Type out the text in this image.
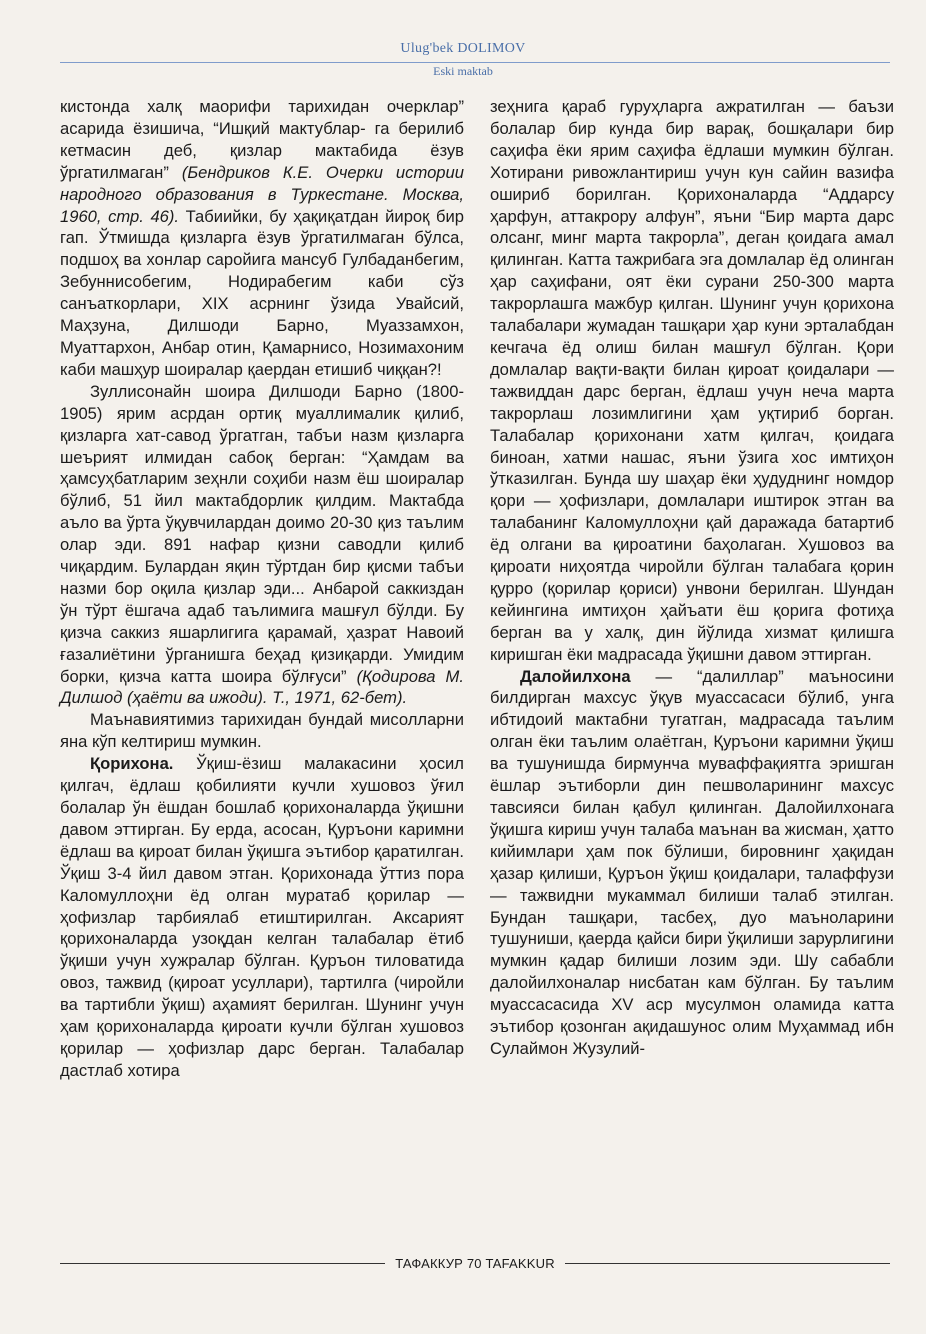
Ulug'bek DOLIMOV
Eski maktab

кистонда халқ маорифи тарихидан очерклар” асарида ёзишича, “Ишқий мактублар- га берилиб кетмасин деб, қизлар мактабида ёзув ўргатилмаган” (Бендриков К.Е. Очерки истории народного образования в Туркестане. Москва, 1960, стр. 46). Табиийки, бу ҳақиқатдан йироқ бир гап. Ўтмишда қизларга ёзув ўргатилмаган бўлса, подшоҳ ва хонлар саройига мансуб Гулбаданбегим, Зебуннисобегим, Нодирабегим каби сўз санъаткорлари, XIX асрнинг ўзида Увайсий, Маҳзуна, Дилшоди Барно, Муаззамхон, Муаттархон, Анбар отин, Қамарнисо, Нозимахоним каби машҳур шоиралар қаердан етишиб чиққан?!

Зуллисонайн шоира Дилшоди Барно (1800-1905) ярим асрдан ортиқ муаллималик қилиб, қизларга хат-савод ўргатган, табъи назм қизларга шеърият илмидан сабоқ берган: “Ҳамдам ва ҳамсуҳбатларим зеҳнли соҳиби назм ёш шоиралар бўлиб, 51 йил мактабдорлик қилдим. Мактабда аъло ва ўрта ўқувчилардан доимо 20-30 қиз таълим олар эди. 891 нафар қизни саводли қилиб чиқардим. Булардан яқин тўртдан бир қисми табъи назми бор оқила қизлар эди... Анбарой саккиздан ўн тўрт ёшгача адаб таълимига машғул бўлди. Бу қизча саккиз яшарлигига қарамай, ҳазрат Навоий ғазалиётини ўрганишга беҳад қизиқарди. Умидим борки, қизча катта шоира бўлғуси” (Қодирова М. Дилшод (ҳаёти ва ижоди). Т., 1971, 62-бет).

Маънавиятимиз тарихидан бундай мисолларни яна кўп келтириш мумкин.

Қорихона. Ўқиш-ёзиш малакасини ҳосил қилгач, ёдлаш қобилияти кучли хушовоз ўғил болалар ўн ёшдан бошлаб қорихоналарда ўқишни давом эттирган. Бу ерда, асосан, Қуръони каримни ёдлаш ва қироат билан ўқишга эътибор қаратилган. Ўқиш 3-4 йил давом этган. Қорихонада ўттиз пора Каломуллоҳни ёд олган муратаб қорилар — ҳофизлар тарбиялаб етиштирилган. Аксарият қорихоналарда узоқдан келган талабалар ётиб ўқиши учун хужралар бўлган. Қуръон тиловатида овоз, тажвид (қироат усуллари), тартилга (чиройли ва тартибли ўқиш) аҳамият берилган. Шунинг учун ҳам қорихоналарда қироати кучли бўлган хушовоз қорилар — ҳофизлар дарс берган. Талабалар дастлаб хотира

зеҳнига қараб гуруҳларга ажратилган — баъзи болалар бир кунда бир варақ, бошқалари бир саҳифа ёки ярим саҳифа ёдлаши мумкин бўлган. Хотирани ривожлантириш учун кун сайин вазифа ошириб борилган. Қорихоналарда “Аддарсу ҳарфун, аттакрору алфун”, яъни “Бир марта дарс олсанг, минг марта такрорла”, деган қоидага амал қилинган. Катта тажрибага эга домлалар ёд олинган ҳар саҳифани, оят ёки сурани 250-300 марта такрорлашга мажбур қилган. Шунинг учун қорихона талабалари жумадан ташқари ҳар куни эрталабдан кечгача ёд олиш билан машғул бўлган. Қори домлалар вақти-вақти билан қироат қоидалари — тажвиддан дарс берган, ёдлаш учун неча марта такрорлаш лозимлигини ҳам уқтириб борган. Талабалар қорихонани хатм қилгач, қоидага биноан, хатми нашас, яъни ўзига хос имтиҳон ўтказилган. Бунда шу шаҳар ёки ҳудуднинг номдор қори — ҳофизлари, домлалари иштирок этган ва талабанинг Каломуллоҳни қай даражада батартиб ёд олгани ва қироатини баҳолаган. Хушовоз ва қироати ниҳоятда чиройли бўлган талабага қорин қурро (қорилар қориси) унвони берилган. Шундан кейингина имтиҳон ҳайъати ёш қорига фотиҳа берган ва у халқ, дин йўлида хизмат қилишга киришган ёки мадрасада ўқишни давом эттирган.

Далойилхона — “далиллар” маъносини билдирган махсус ўқув муассасаси бўлиб, унга ибтидоий мактабни тугатган, мадрасада таълим олган ёки таълим олаётган, Қуръони каримни ўқиш ва тушунишда бирмунча муваффақиятга эришган ёшлар эътиборли дин пешволарининг махсус тавсияси билан қабул қилинган. Далойилхонага ўқишга кириш учун талаба маънан ва жисман, ҳатто кийимлари ҳам пок бўлиши, бировнинг ҳақидан ҳазар қилиши, Қуръон ўқиш қоидалари, талаффузи — тажвидни мукаммал билиши талаб этилган. Бундан ташқари, тасбеҳ, дуо маъноларини тушуниши, қаерда қайси бири ўқилиши зарурлигини мумкин қадар билиши лозим эди. Шу сабабли далойилхоналар нисбатан кам бўлган. Бу таълим муассасасида XV аср мусулмон оламида катта эътибор қозонган ақидашунос олим Муҳаммад ибн Сулаймон Жузулий-

ТАФАККУР 70 TAFAKKUR
